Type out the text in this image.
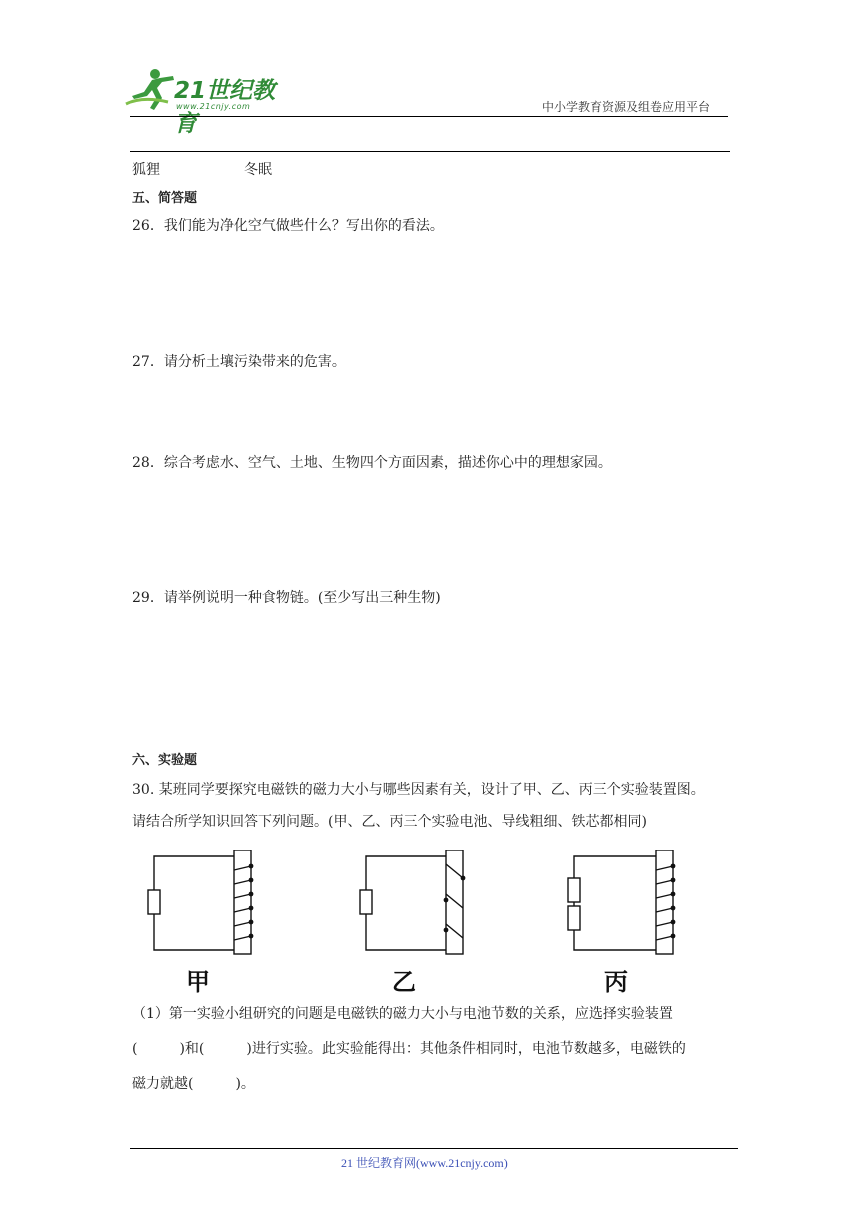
21世纪教育
www.21cnjy.com	中小学教育资源及组卷应用平台
狐狸	冬眠
五、简答题
26．我们能为净化空气做些什么？写出你的看法。
27．请分析土壤污染带来的危害。
28．综合考虑水、空气、土地、生物四个方面因素，描述你心中的理想家园。
29．请举例说明一种食物链。(至少写出三种生物)
六、实验题
30. 某班同学要探究电磁铁的磁力大小与哪些因素有关，设计了甲、乙、丙三个实验装置图。
请结合所学知识回答下列问题。(甲、乙、丙三个实验电池、导线粗细、铁芯都相同)
甲	乙	丙
（1）第一实验小组研究的问题是电磁铁的磁力大小与电池节数的关系，应选择实验装置
(　　　)和(　　　)进行实验。此实验能得出：其他条件相同时，电池节数越多，电磁铁的
磁力就越(　　　)。
21 世纪教育网(www.21cnjy.com)
